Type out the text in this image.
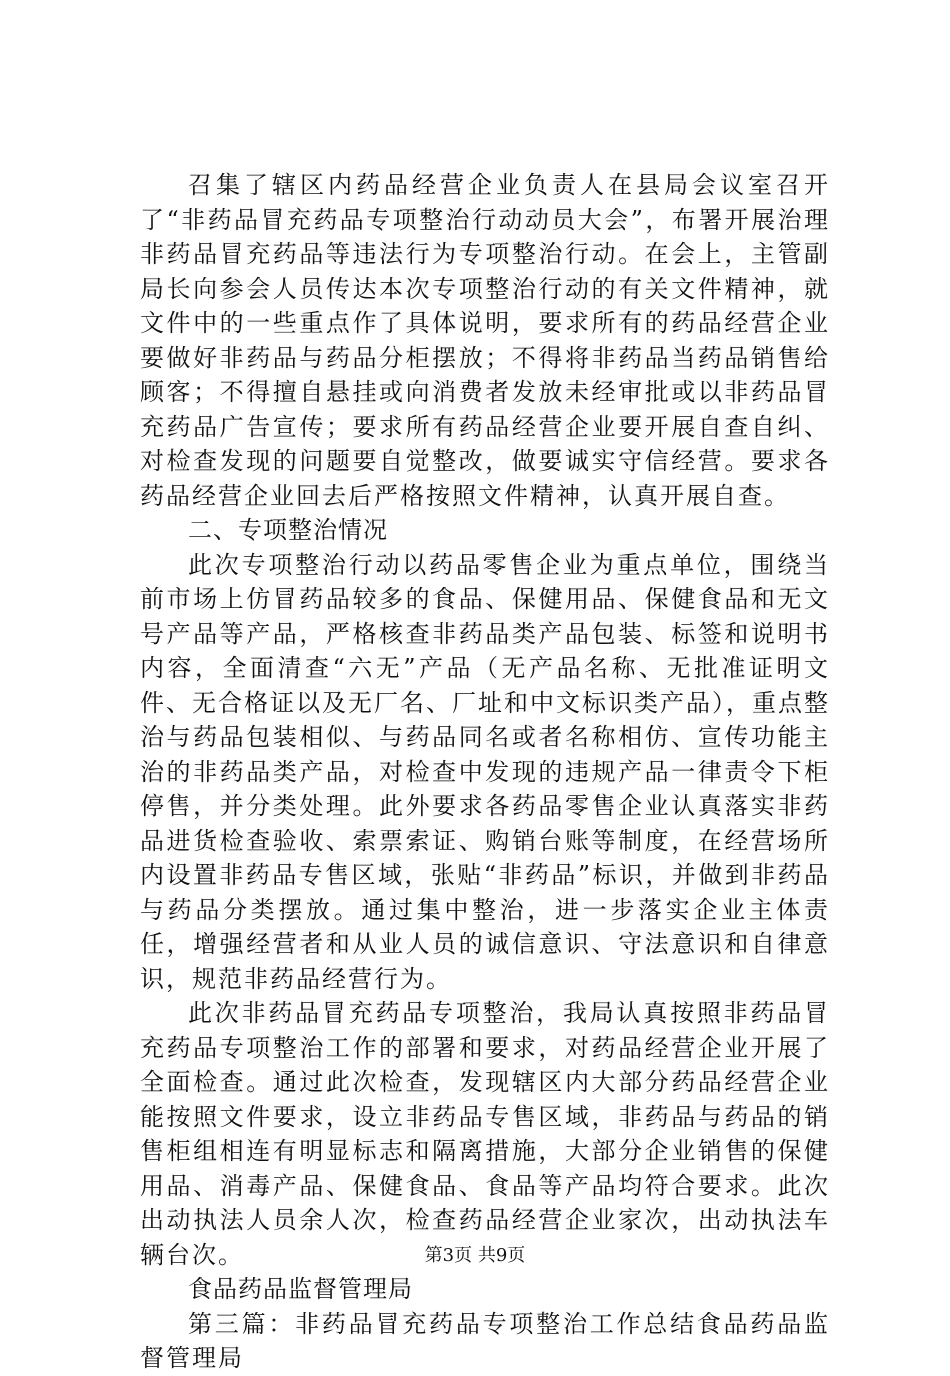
召集了辖区内药品经营企业负责人在县局会议室召开了“非药品冒充药品专项整治行动动员大会”，布署开展治理非药品冒充药品等违法行为专项整治行动。在会上，主管副局长向参会人员传达本次专项整治行动的有关文件精神，就文件中的一些重点作了具体说明，要求所有的药品经营企业要做好非药品与药品分柜摆放；不得将非药品当药品销售给顾客；不得擅自悬挂或向消费者发放未经审批或以非药品冒充药品广告宣传；要求所有药品经营企业要开展自查自纠、对检查发现的问题要自觉整改，做要诚实守信经营。要求各药品经营企业回去后严格按照文件精神，认真开展自查。

二、专项整治情况

此次专项整治行动以药品零售企业为重点单位，围绕当前市场上仿冒药品较多的食品、保健用品、保健食品和无文号产品等产品，严格核查非药品类产品包装、标签和说明书内容，全面清查“六无”产品（无产品名称、无批准证明文件、无合格证以及无厂名、厂址和中文标识类产品），重点整治与药品包装相似、与药品同名或者名称相仿、宣传功能主治的非药品类产品，对检查中发现的违规产品一律责令下柜停售，并分类处理。此外要求各药品零售企业认真落实非药品进货检查验收、索票索证、购销台账等制度，在经营场所内设置非药品专售区域，张贴“非药品”标识，并做到非药品与药品分类摆放。通过集中整治，进一步落实企业主体责任，增强经营者和从业人员的诚信意识、守法意识和自律意识，规范非药品经营行为。

此次非药品冒充药品专项整治，我局认真按照非药品冒充药品专项整治工作的部署和要求，对药品经营企业开展了全面检查。通过此次检查，发现辖区内大部分药品经营企业能按照文件要求，设立非药品专售区域，非药品与药品的销售柜组相连有明显标志和隔离措施，大部分企业销售的保健用品、消毒产品、保健食品、食品等产品均符合要求。此次出动执法人员余人次，检查药品经营企业家次，出动执法车辆台次。

食品药品监督管理局

第三篇：非药品冒充药品专项整治工作总结食品药品监督管理局

第3页 共9页
